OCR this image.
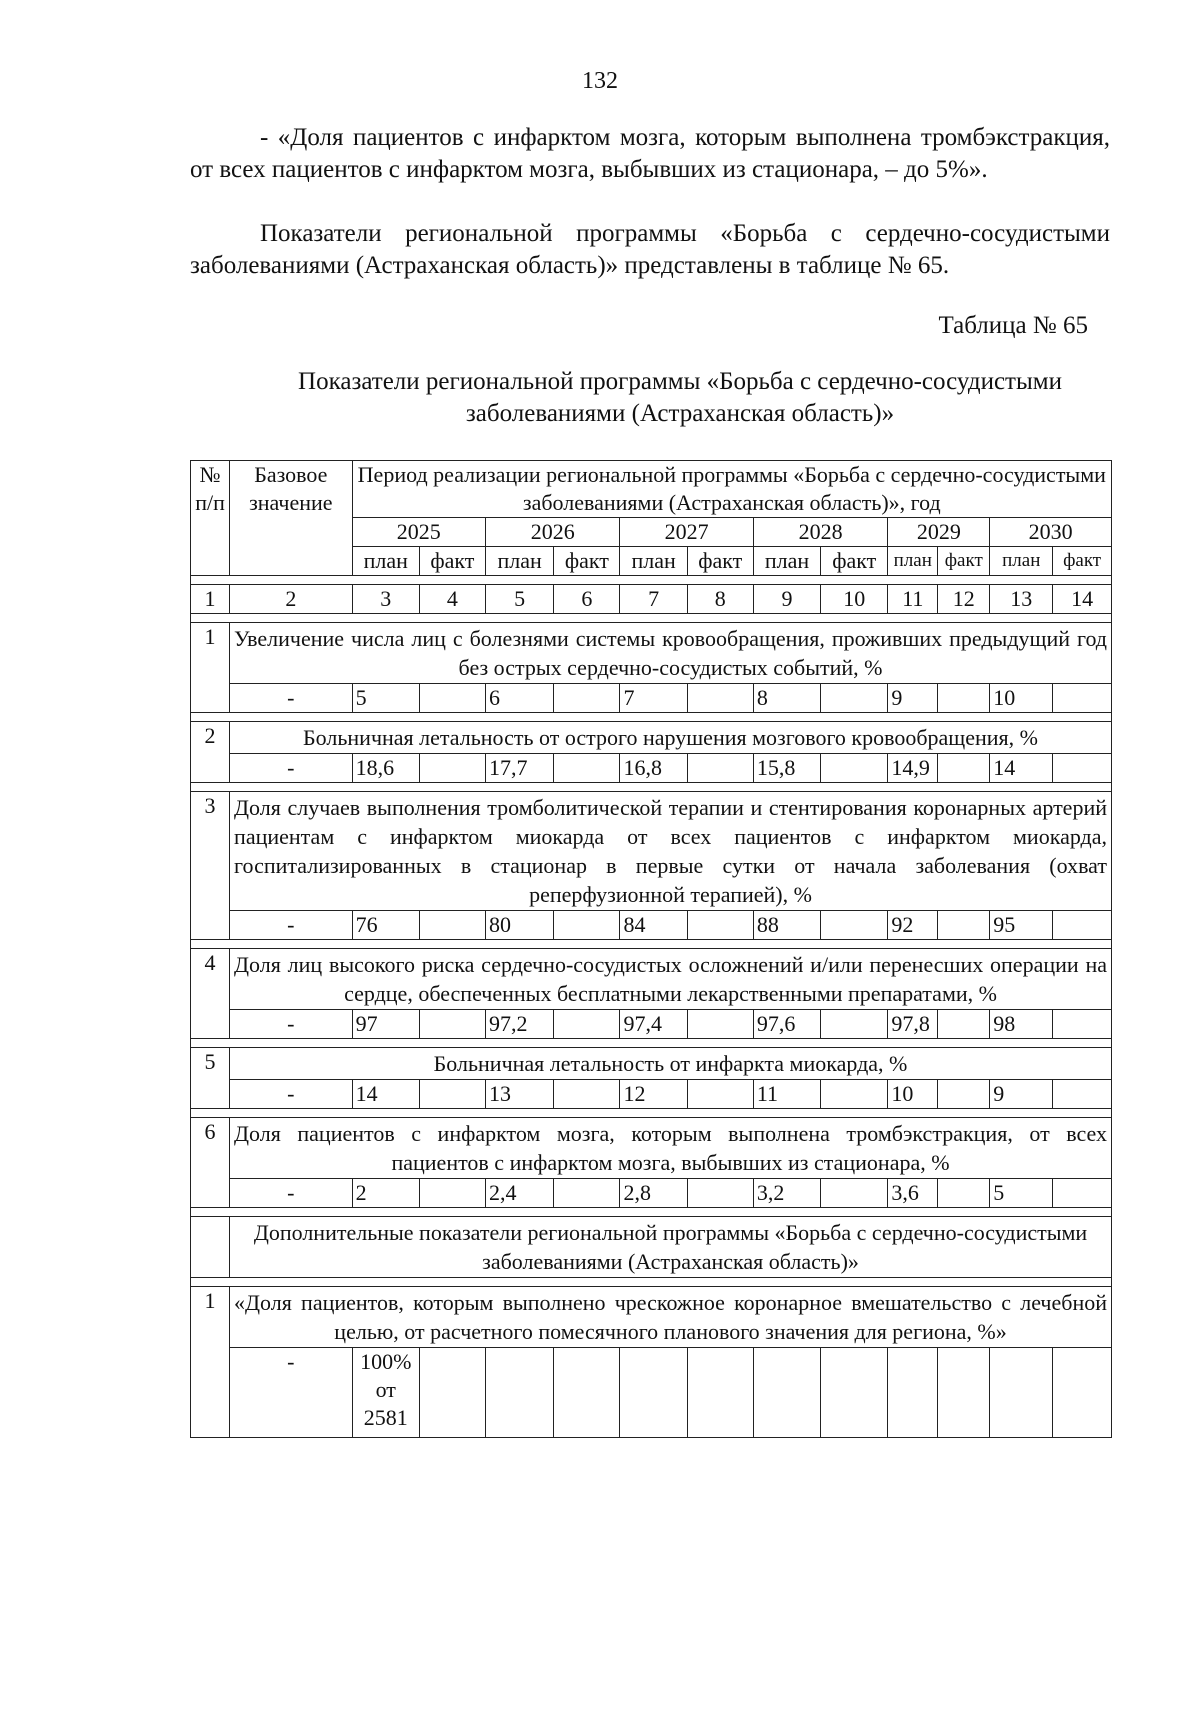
132
- «Доля пациентов с инфарктом мозга, которым выполнена тромбэкстракция, от всех пациентов с инфарктом мозга, выбывших из стационара, – до 5%».
Показатели региональной программы «Борьба с сердечно-сосудистыми заболеваниями (Астраханская область)» представлены в таблице № 65.
Таблица № 65
Показатели региональной программы «Борьба с сердечно-сосудистыми заболеваниями (Астраханская область)»
№ п/п	Базовое значение	Период реализации региональной программы «Борьба с сердечно-сосудистыми заболеваниями (Астраханская область)», год											
		2025		2026		2027		2028		2029		2030	
		план	факт	план	факт	план	факт	план	факт	план	факт	план	факт

1	2	3	4	5	6	7	8	9	10	11	12	13	14

1	Увеличение числа лиц с болезнями системы кровообращения, проживших предыдущий год без острых сердечно-сосудистых событий, %												
	-	5		6		7		8		9		10	

2	Больничная летальность от острого нарушения мозгового кровообращения, %												
	-	18,6		17,7		16,8		15,8		14,9		14	

3	Доля случаев выполнения тромболитической терапии и стентирования коронарных артерий пациентам с инфарктом миокарда от всех пациентов с инфарктом миокарда, госпитализированных в стационар в первые сутки от начала заболевания (охват реперфузионной терапией), %												
	-	76		80		84		88		92		95	

4	Доля лиц высокого риска сердечно-сосудистых осложнений и/или перенесших операции на сердце, обеспеченных бесплатными лекарственными препаратами, %												
	-	97		97,2		97,4		97,6		97,8		98	

5	Больничная летальность от инфаркта миокарда, %												
	-	14		13		12		11		10		9	

6	Доля пациентов с инфарктом мозга, которым выполнена тромбэкстракция, от всех пациентов с инфарктом мозга, выбывших из стационара, %												
	-	2		2,4		2,8		3,2		3,6		5	

	Дополнительные показатели региональной программы «Борьба с сердечно-сосудистыми заболеваниями (Астраханская область)»												

1	«Доля пациентов, которым выполнено чрескожное коронарное вмешательство с лечебной целью, от расчетного помесячного планового значения для региона, %»												
	-	100% от 2581											
